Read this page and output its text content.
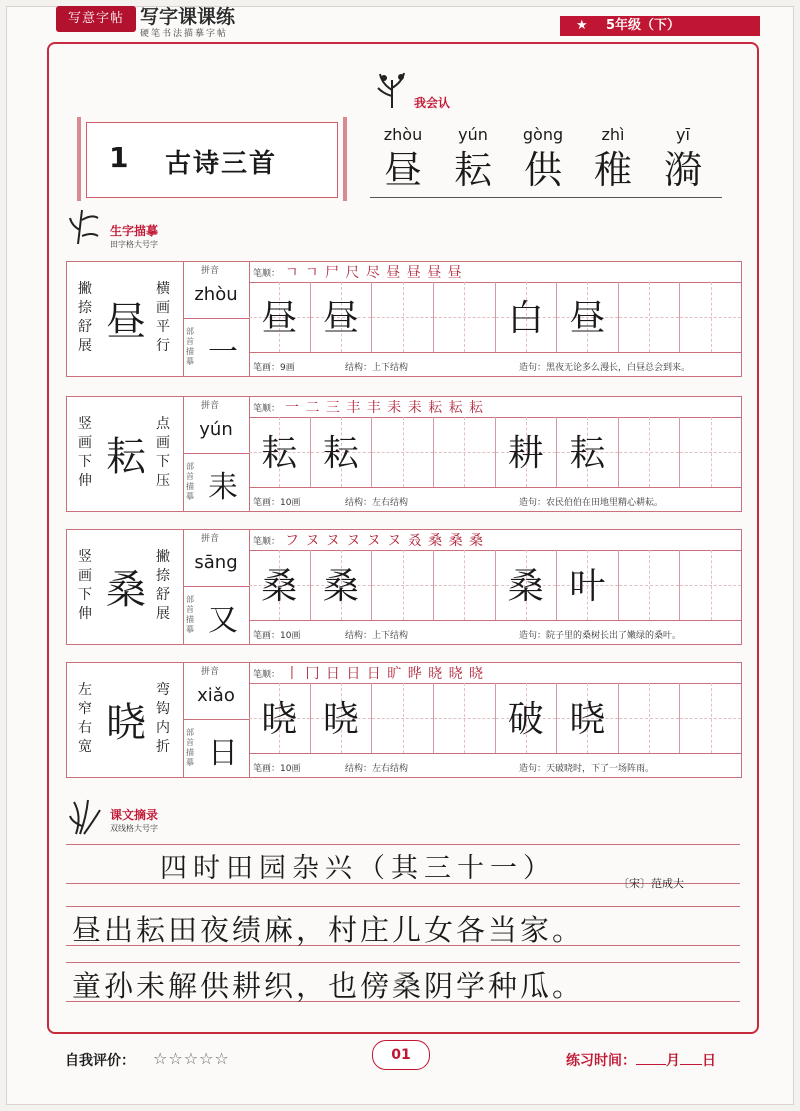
写意字帖 写字课课练
硬笔书法描摹字帖
★ 5年级（下）
1 古诗三首
我会认
zhòu
昼
yún
耘
gòng
供
zhì
稚
yī
漪
生字描摹
田字格大号字
撇捺舒展
昼
横画平行
拼音
zhòu
部首描摹 一
笔顺： ㄱ ㄱ 尸 尺 尽 昼 昼 昼 昼
昼 昼	白 昼
笔画：9画	结构：上下结构	造句：黑夜无论多么漫长，白昼总会到来。
竖画下伸
耘
点画下压
拼音
yún
部首描摹 耒
笔顺： 一 二 三 丰 丰 耒 耒 耘 耘 耘
耘 耘	耕 耘
笔画：10画	结构：左右结构	造句：农民伯伯在田地里精心耕耘。
竖画下伸
桑
撇捺舒展
拼音
sāng
部首描摹 又
笔顺： フ ヌ ヌ ヌ ヌ ヌ 叒 桑 桑 桑
桑 桑	桑 叶
笔画：10画	结构：上下结构	造句：院子里的桑树长出了嫩绿的桑叶。
左窄右宽
晓
弯钩内折
拼音
xiǎo
部首描摹 日
笔顺： 丨 冂 日 日 日 旷 晔 晓 晓 晓
晓 晓	破 晓
笔画：10画	结构：左右结构	造句：天破晓时，下了一场阵雨。
课文摘录
双线格大号字
四时田园杂兴（其三十一）	〔宋〕范成大
昼出耘田夜绩麻，村庄儿女各当家。
童孙未解供耕织，也傍桑阴学种瓜。
自我评价： ☆☆☆☆☆	01	练习时间： 月 日
